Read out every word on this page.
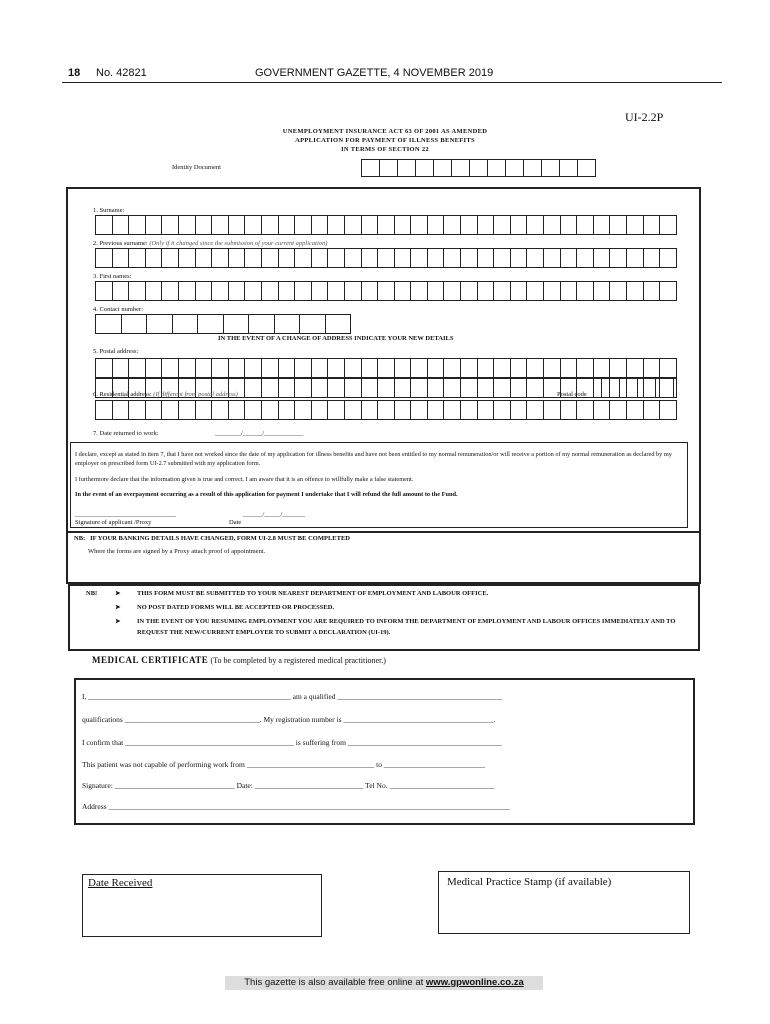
18 No. 42821	GOVERNMENT GAZETTE, 4 NOVEMBER 2019
UI-2.2P
UNEMPLOYMENT INSURANCE ACT 63 OF 2001 AS AMENDED
APPLICATION FOR PAYMENT OF ILLNESS BENEFITS
IN TERMS OF SECTION 22
Identity Document
1. Surname:
2. Previous surname: (Only if it changed since the submission of your current application)
3. First names:
4. Contact number:
IN THE EVENT OF A CHANGE OF ADDRESS INDICATE YOUR NEW DETAILS
5. Postal address:
6. Residential address: (If different from postal address)	Postal code
7. Date returned to work:	________/______/____________
I declare, except as stated in item 7, that I have not worked since the date of my application for illness benefits and have not been entitled to my normal remuneration/or will receive a portion of my normal remuneration as declared by my employer on prescribed form UI-2.7 submitted with my application form.
I furthermore declare that the information given is true and correct. I am aware that it is an offence to willfully make a false statement.
In the event of an overpayment occurring as a result of this application for payment I undertake that I will refund the full amount to the Fund.
_______________________________	______/_____/_______
Signature of applicant /Proxy	Date
NB: IF YOUR BANKING DETAILS HAVE CHANGED, FORM UI-2.8 MUST BE COMPLETED
Where the forms are signed by a Proxy attach proof of appointment.
NB!	➤	THIS FORM MUST BE SUBMITTED TO YOUR NEAREST DEPARTMENT OF EMPLOYMENT AND LABOUR OFFICE.
➤	NO POST DATED FORMS WILL BE ACCEPTED OR PROCESSED.
➤	IN THE EVENT OF YOU RESUMING EMPLOYMENT YOU ARE REQUIRED TO INFORM THE DEPARTMENT OF EMPLOYMENT AND LABOUR OFFICES IMMEDIATELY AND TO REQUEST THE NEW/CURRENT EMPLOYER TO SUBMIT A DECLARATION (UI-19).
MEDICAL CERTIFICATE (To be completed by a registered medical practitioner.)
I, ______________________________________________________ am a qualified ____________________________________________
qualifications ____________________________________. My registration number is ________________________________________.
I confirm that _____________________________________________ is suffering from _________________________________________
This patient was not capable of performing work from __________________________________ to ___________________________
Signature: ________________________________ Date: _____________________________ Tel No. ____________________________
Address ___________________________________________________________________________________________________________
Date Received	Medical Practice Stamp (if available)
This gazette is also available free online at www.gpwonline.co.za
